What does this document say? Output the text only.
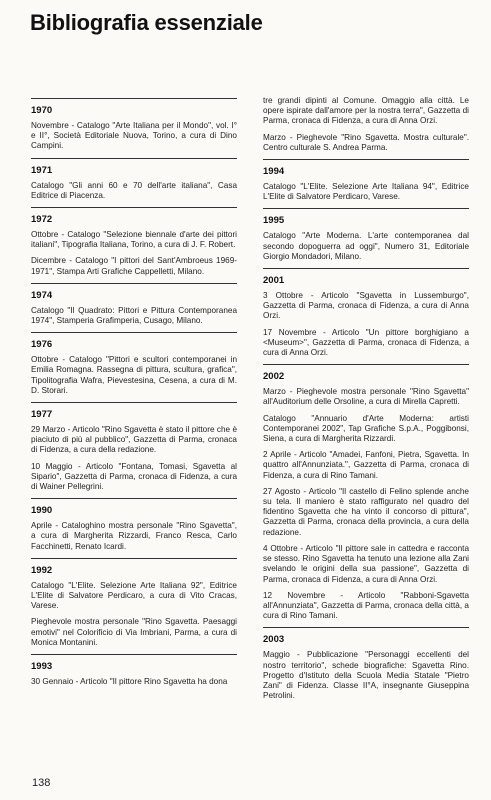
Bibliografia essenziale

1970

Novembre - Catalogo "Arte Italiana per il Mondo", vol. I° e II°, Società Editoriale Nuova, Torino, a cura di Dino Campini.

1971

Catalogo "Gli anni 60 e 70 dell'arte italiana", Casa Editrice di Piacenza.

1972

Ottobre - Catalogo "Selezione biennale d'arte dei pittori italiani", Tipografia Italiana, Torino, a cura di J. F. Robert.

Dicembre - Catalogo "I pittori del Sant'Ambroeus 1969-1971", Stampa Arti Grafiche Cappelletti, Milano.

1974

Catalogo "Il Quadrato: Pittori e Pittura Contemporanea 1974", Stamperia Grafimperia, Cusago, Milano.

1976

Ottobre - Catalogo "Pittori e scultori contemporanei in Emilia Romagna. Rassegna di pittura, scultura, grafica", Tipolitografia Wafra, Pievestesina, Cesena, a cura di M. D. Storari.

1977

29 Marzo - Articolo "Rino Sgavetta è stato il pittore che è piaciuto di più al pubblico", Gazzetta di Parma, cronaca di Fidenza, a cura della redazione.

10 Maggio - Articolo "Fontana, Tomasi, Sgavetta al Sipario", Gazzetta di Parma, cronaca di Fidenza, a cura di Wainer Pellegrini.

1990

Aprile - Cataloghino mostra personale "Rino Sgavetta", a cura di Margherita Rizzardi, Franco Resca, Carlo Facchinetti, Renato Icardi.

1992

Catalogo "L'Elite. Selezione Arte Italiana 92", Editrice L'Elite di Salvatore Perdicaro, a cura di Vito Cracas, Varese.

Pieghevole mostra personale "Rino Sgavetta. Paesaggi emotivi" nel Colorificio di Via Imbriani, Parma, a cura di Monica Montanini.

1993

30 Gennaio - Articolo "Il pittore Rino Sgavetta ha dona

tre grandi dipinti al Comune. Omaggio alla città. Le opere ispirate dall'amore per la nostra terra", Gazzetta di Parma, cronaca di Fidenza, a cura di Anna Orzi.

Marzo - Pieghevole "Rino Sgavetta. Mostra culturale". Centro culturale S. Andrea Parma.

1994

Catalogo "L'Elite. Selezione Arte Italiana 94", Editrice L'Elite di Salvatore Perdicaro, Varese.

1995

Catalogo "Arte Moderna. L'arte contemporanea dal secondo dopoguerra ad oggi", Numero 31, Editoriale Giorgio Mondadori, Milano.

2001

3 Ottobre - Articolo "Sgavetta in Lussemburgo", Gazzetta di Parma, cronaca di Fidenza, a cura di Anna Orzi.

17 Novembre - Articolo "Un pittore borghigiano a <Museum>", Gazzetta di Parma, cronaca di Fidenza, a cura di Anna Orzi.

2002

Marzo - Pieghevole mostra personale "Rino Sgavetta" all'Auditorium delle Orsoline, a cura di Mirella Capretti.

Catalogo "Annuario d'Arte Moderna: artisti Contemporanei 2002", Tap Grafiche S.p.A., Poggibonsi, Siena, a cura di Margherita Rizzardi.

2 Aprile - Articolo "Amadei, Fanfoni, Pietra, Sgavetta. In quattro all'Annunziata.", Gazzetta di Parma, cronaca di Fidenza, a cura di Rino Tamani.

27 Agosto - Articolo "Il castello di Felino splende anche su tela. Il maniero è stato raffigurato nel quadro del fidentino Sgavetta che ha vinto il concorso di pittura", Gazzetta di Parma, cronaca della provincia, a cura della redazione.

4 Ottobre - Articolo "Il pittore sale in cattedra e racconta se stesso. Rino Sgavetta ha tenuto una lezione alla Zani svelando le origini della sua passione", Gazzetta di Parma, cronaca di Fidenza, a cura di Anna Orzi.

12 Novembre - Articolo "Rabboni-Sgavetta all'Annunziata", Gazzetta di Parma, cronaca della città, a cura di Rino Tamani.

2003

Maggio - Pubblicazione "Personaggi eccellenti del nostro territorio", schede biografiche: Sgavetta Rino. Progetto d'Istituto della Scuola Media Statale "Pietro Zani" di Fidenza. Classe II°A, insegnante Giuseppina Petrolini.

138
